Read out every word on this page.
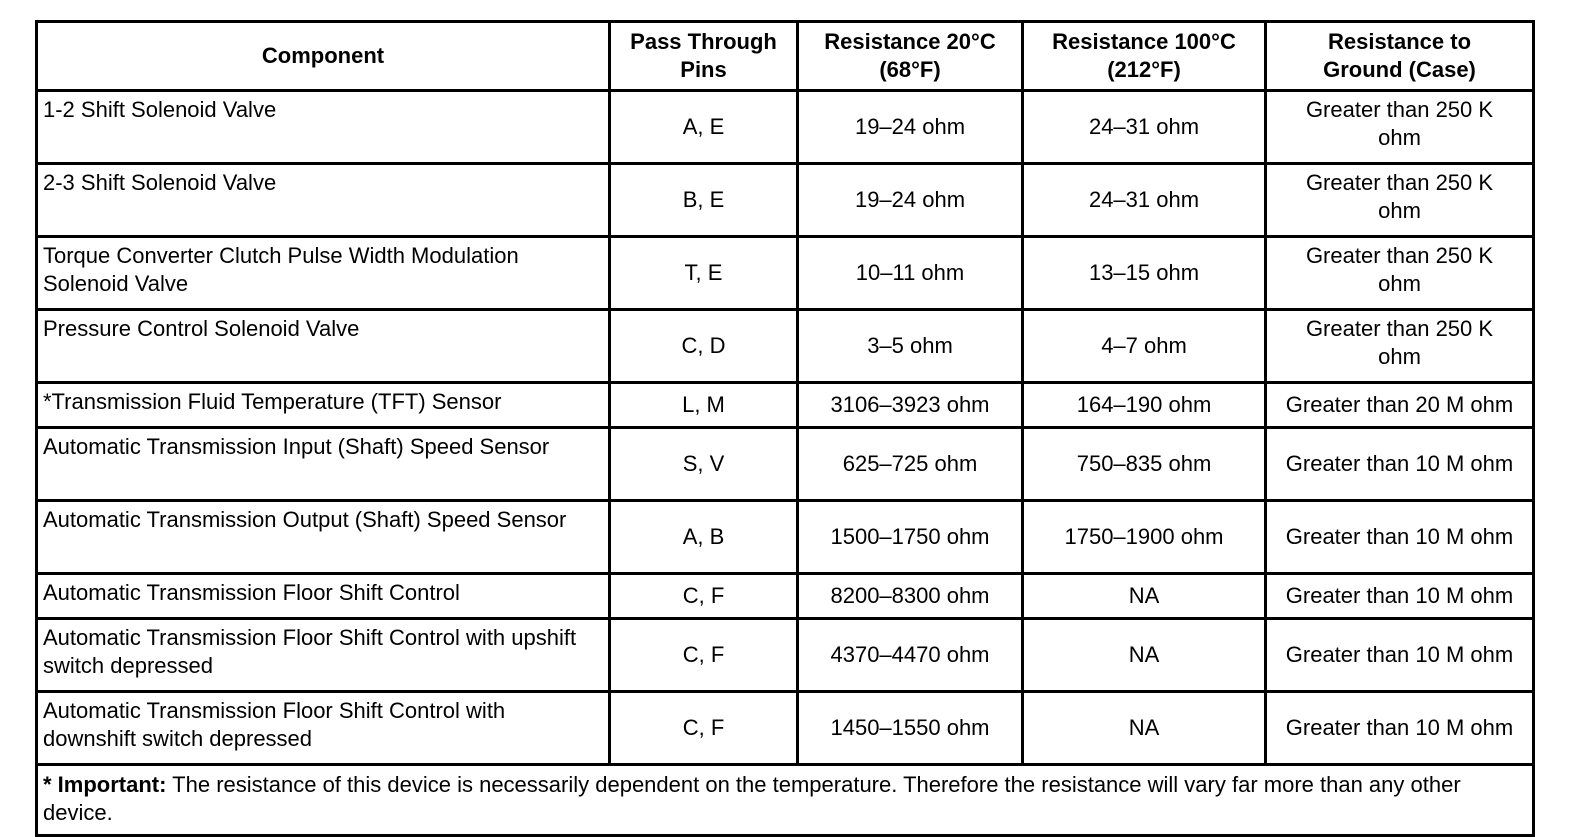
Component	Pass Through Pins	Resistance 20°C (68°F)	Resistance 100°C (212°F)	Resistance to Ground (Case)
1-2 Shift Solenoid Valve	A, E	19–24 ohm	24–31 ohm	Greater than 250 K ohm
2-3 Shift Solenoid Valve	B, E	19–24 ohm	24–31 ohm	Greater than 250 K ohm
Torque Converter Clutch Pulse Width Modulation Solenoid Valve	T, E	10–11 ohm	13–15 ohm	Greater than 250 K ohm
Pressure Control Solenoid Valve	C, D	3–5 ohm	4–7 ohm	Greater than 250 K ohm
*Transmission Fluid Temperature (TFT) Sensor	L, M	3106–3923 ohm	164–190 ohm	Greater than 20 M ohm
Automatic Transmission Input (Shaft) Speed Sensor	S, V	625–725 ohm	750–835 ohm	Greater than 10 M ohm
Automatic Transmission Output (Shaft) Speed Sensor	A, B	1500–1750 ohm	1750–1900 ohm	Greater than 10 M ohm
Automatic Transmission Floor Shift Control	C, F	8200–8300 ohm	NA	Greater than 10 M ohm
Automatic Transmission Floor Shift Control with upshift switch depressed	C, F	4370–4470 ohm	NA	Greater than 10 M ohm
Automatic Transmission Floor Shift Control with downshift switch depressed	C, F	1450–1550 ohm	NA	Greater than 10 M ohm
* Important: The resistance of this device is necessarily dependent on the temperature. Therefore the resistance will vary far more than any other device.				
